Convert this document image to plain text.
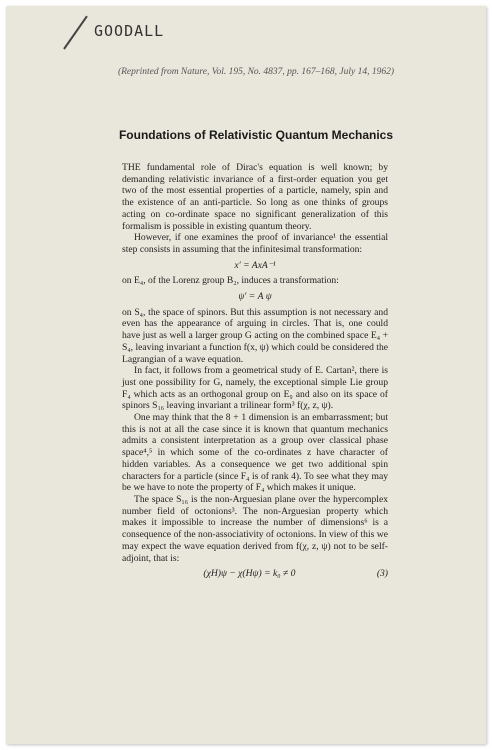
GOODALL
(Reprinted from Nature, Vol. 195, No. 4837, pp. 167–168, July 14, 1962)
Foundations of Relativistic Quantum Mechanics

THE fundamental role of Dirac's equation is well known; by demanding relativistic invariance of a first-order equation you get two of the most essential properties of a particle, namely, spin and the existence of an anti-particle. So long as one thinks of groups acting on co-ordinate space no significant generalization of this formalism is possible in existing quantum theory.

However, if one examines the proof of invariance¹ the essential step consists in assuming that the infinitesimal transformation:

x′ = AxA⁻¹

on E₄, of the Lorenz group B₂, induces a transformation:

ψ′ = A ψ

on S₄, the space of spinors. But this assumption is not necessary and even has the appearance of arguing in circles. That is, one could have just as well a larger group G acting on the combined space E₄ + S₄, leaving invariant a function f(x, ψ) which could be considered the Lagrangian of a wave equation.

In fact, it follows from a geometrical study of E. Cartan², there is just one possibility for G, namely, the exceptional simple Lie group F₄ which acts as an orthogonal group on E₉ and also on its space of spinors S₁₆ leaving invariant a trilinear form³ f(χ, z, ψ).

One may think that the 8 + 1 dimension is an embarrassment; but this is not at all the case since it is known that quantum mechanics admits a consistent interpretation as a group over classical phase space⁴,⁵ in which some of the co-ordinates z have character of hidden variables. As a consequence we get two additional spin characters for a particle (since F₄ is of rank 4). To see what they may be we have to note the property of F₄ which makes it unique.

The space S₁₆ is the non-Arguesian plane over the hypercomplex number field of octonions³. The non-Arguesian property which makes it impossible to increase the number of dimensions⁶ is a consequence of the non-associativity of octonions. In view of this we may expect the wave equation derived from f(χ, z, ψ) not to be self-adjoint, that is:

(χH)ψ − χ(Hψ) = k₀ ≠ 0	(3)
